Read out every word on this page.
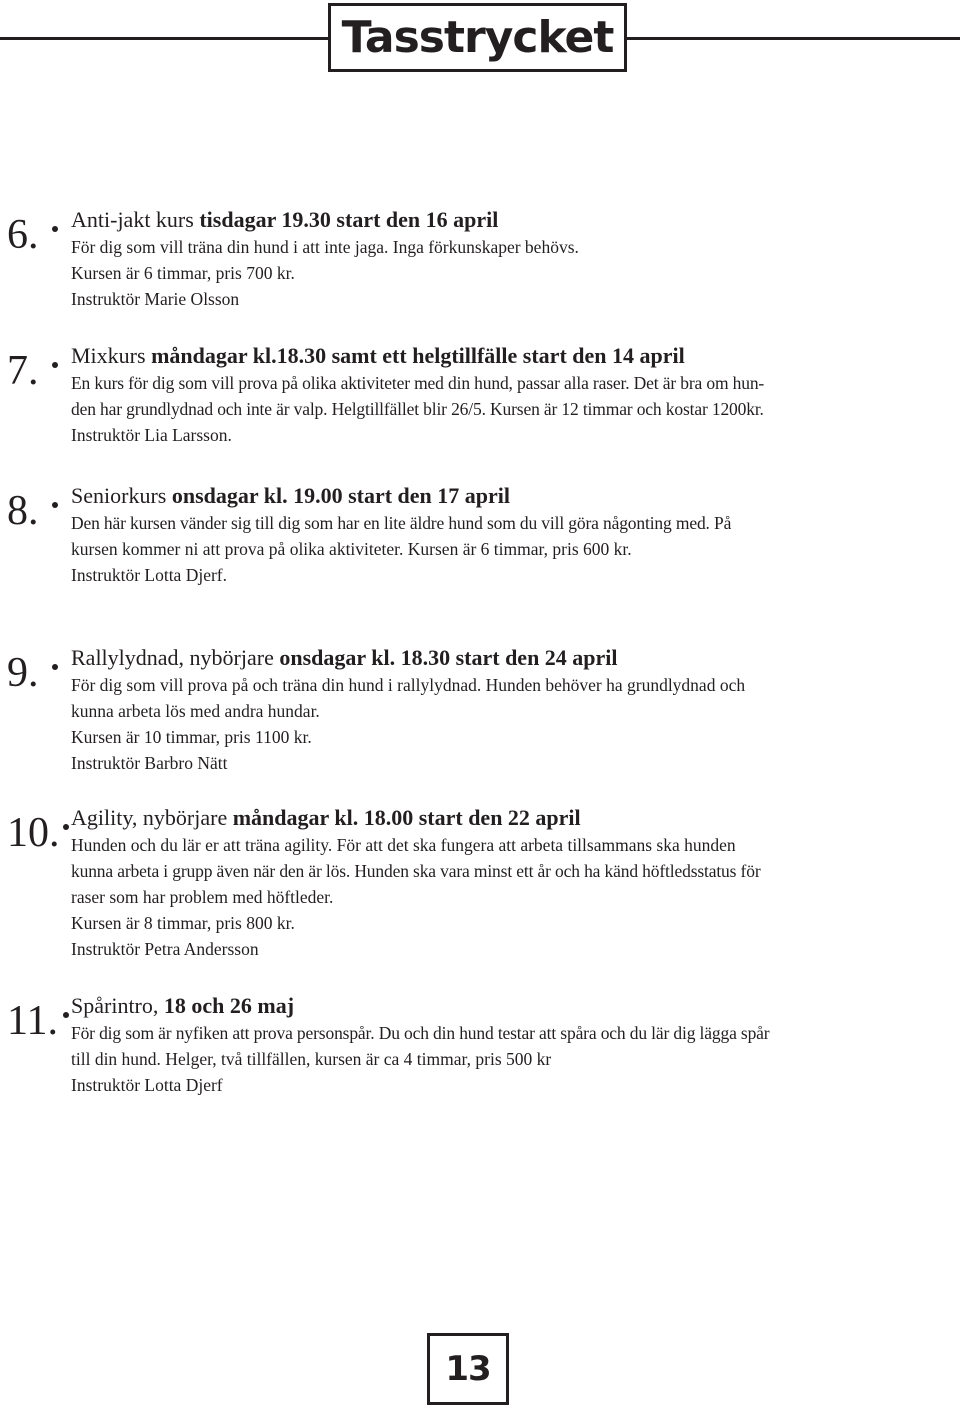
Tasstrycket
6. Anti-jakt kurs tisdagar 19.30 start den 16 april
För dig som vill träna din hund i att inte jaga. Inga förkunskaper behövs.
Kursen är 6 timmar, pris 700 kr.
Instruktör Marie Olsson
7. Mixkurs måndagar kl.18.30 samt ett helgtillfälle start den 14 april
En kurs för dig som vill prova på olika aktiviteter med din hund, passar alla raser. Det är bra om hun-
den har grundlydnad och inte är valp. Helgtillfället blir 26/5. Kursen är 12 timmar och kostar 1200kr.
Instruktör Lia Larsson.
8. Seniorkurs onsdagar kl. 19.00 start den 17 april
Den här kursen vänder sig till dig som har en lite äldre hund som du vill göra någonting med. På
kursen kommer ni att prova på olika aktiviteter. Kursen är 6 timmar, pris 600 kr.
Instruktör Lotta Djerf.
9. Rallylydnad, nybörjare onsdagar kl. 18.30 start den 24 april
För dig som vill prova på och träna din hund i rallylydnad. Hunden behöver ha grundlydnad och
kunna arbeta lös med andra hundar.
Kursen är 10 timmar, pris 1100 kr.
Instruktör Barbro Nätt
10. Agility, nybörjare måndagar kl. 18.00 start den 22 april
Hunden och du lär er att träna agility. För att det ska fungera att arbeta tillsammans ska hunden
kunna arbeta i grupp även när den är lös. Hunden ska vara minst ett år och ha känd höftledsstatus för
raser som har problem med höftleder.
Kursen är 8 timmar, pris 800 kr.
Instruktör Petra Andersson
11. Spårintro, 18 och 26 maj
För dig som är nyfiken att prova personspår. Du och din hund testar att spåra och du lär dig lägga spår
till din hund. Helger, två tillfällen, kursen är ca 4 timmar, pris 500 kr
Instruktör Lotta Djerf
13
